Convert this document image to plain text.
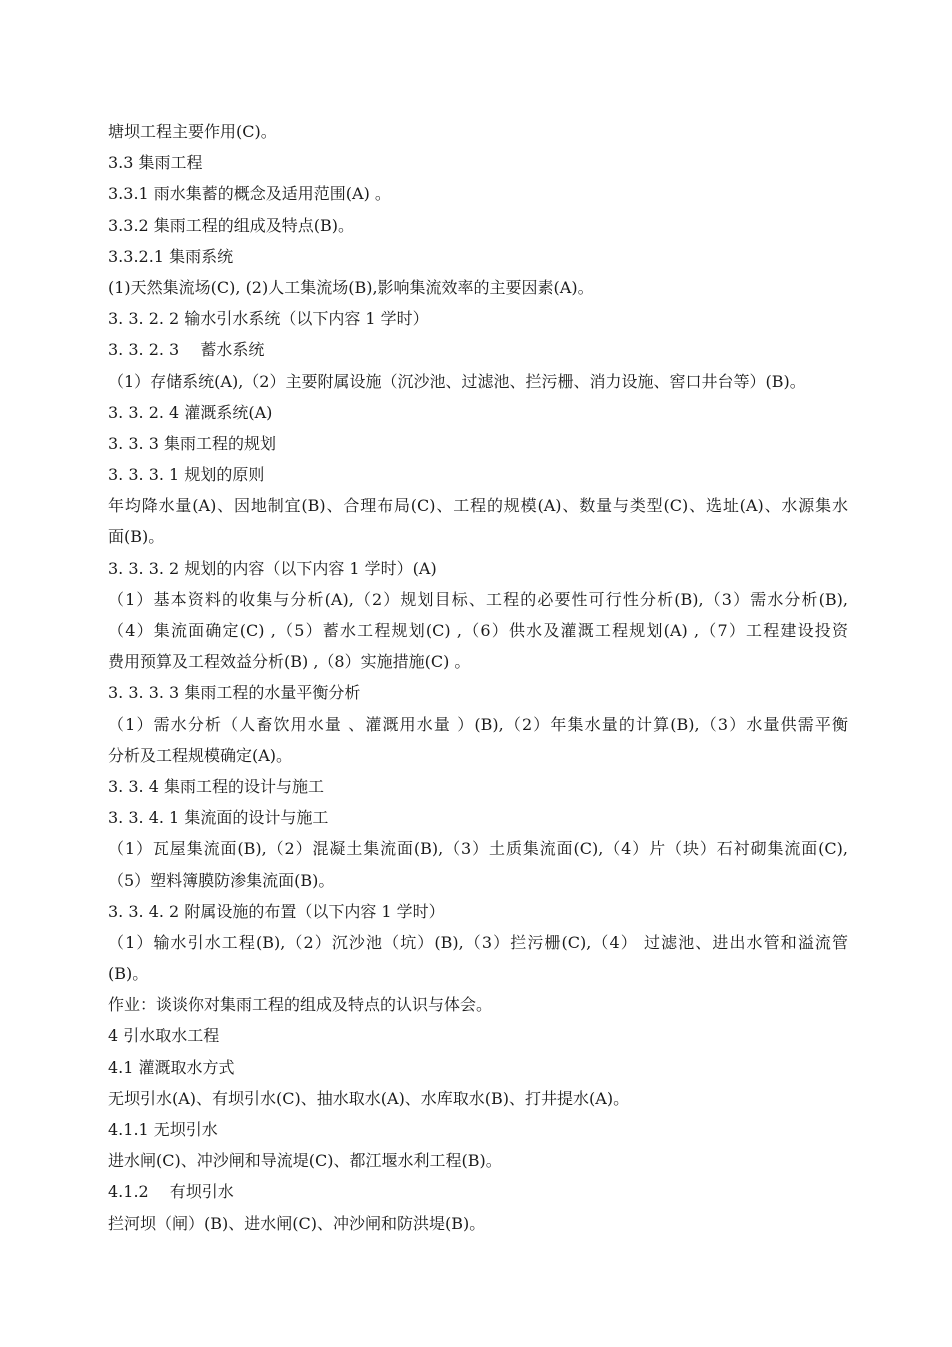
塘坝工程主要作用(C)。
3.3 集雨工程
3.3.1 雨水集蓄的概念及适用范围(A) 。
3.3.2 集雨工程的组成及特点(B)。
3.3.2.1 集雨系统
(1)天然集流场(C), (2)人工集流场(B),影响集流效率的主要因素(A)。
3. 3. 2. 2 输水引水系统（以下内容 1 学时）
3. 3. 2. 3 　蓄水系统
（1）存储系统(A),（2）主要附属设施（沉沙池、过滤池、拦污栅、消力设施、窖口井台等）(B)。
3. 3. 2. 4 灌溉系统(A)
3. 3. 3 集雨工程的规划
3. 3. 3. 1 规划的原则
年均降水量(A)、因地制宜(B)、合理布局(C)、工程的规模(A)、数量与类型(C)、选址(A)、水源集水
面(B)。
3. 3. 3. 2 规划的内容（以下内容 1 学时）(A)
（1）基本资料的收集与分析(A),（2）规划目标、工程的必要性可行性分析(B),（3）需水分析(B),
（4）集流面确定(C) ,（5）蓄水工程规划(C) ,（6）供水及灌溉工程规划(A) ,（7）工程建设投资
费用预算及工程效益分析(B) ,（8）实施措施(C) 。
3. 3. 3. 3 集雨工程的水量平衡分析
（1）需水分析（人畜饮用水量 、灌溉用水量 ）(B),（2）年集水量的计算(B),（3）水量供需平衡
分析及工程规模确定(A)。
3. 3. 4 集雨工程的设计与施工
3. 3. 4. 1 集流面的设计与施工
（1）瓦屋集流面(B),（2）混凝土集流面(B),（3）土质集流面(C),（4）片（块）石衬砌集流面(C),
（5）塑料簿膜防渗集流面(B)。
3. 3. 4. 2 附属设施的布置（以下内容 1 学时）
（1）输水引水工程(B),（2）沉沙池（坑）(B),（3）拦污栅(C),（4） 过滤池、进出水管和溢流管
(B)。
作业：谈谈你对集雨工程的组成及特点的认识与体会。
4 引水取水工程
4.1 灌溉取水方式
无坝引水(A)、有坝引水(C)、抽水取水(A)、水库取水(B)、打井提水(A)。
4.1.1 无坝引水
进水闸(C)、冲沙闸和导流堤(C)、都江堰水利工程(B)。
4.1.2 　有坝引水
拦河坝（闸）(B)、进水闸(C)、冲沙闸和防洪堤(B)。
